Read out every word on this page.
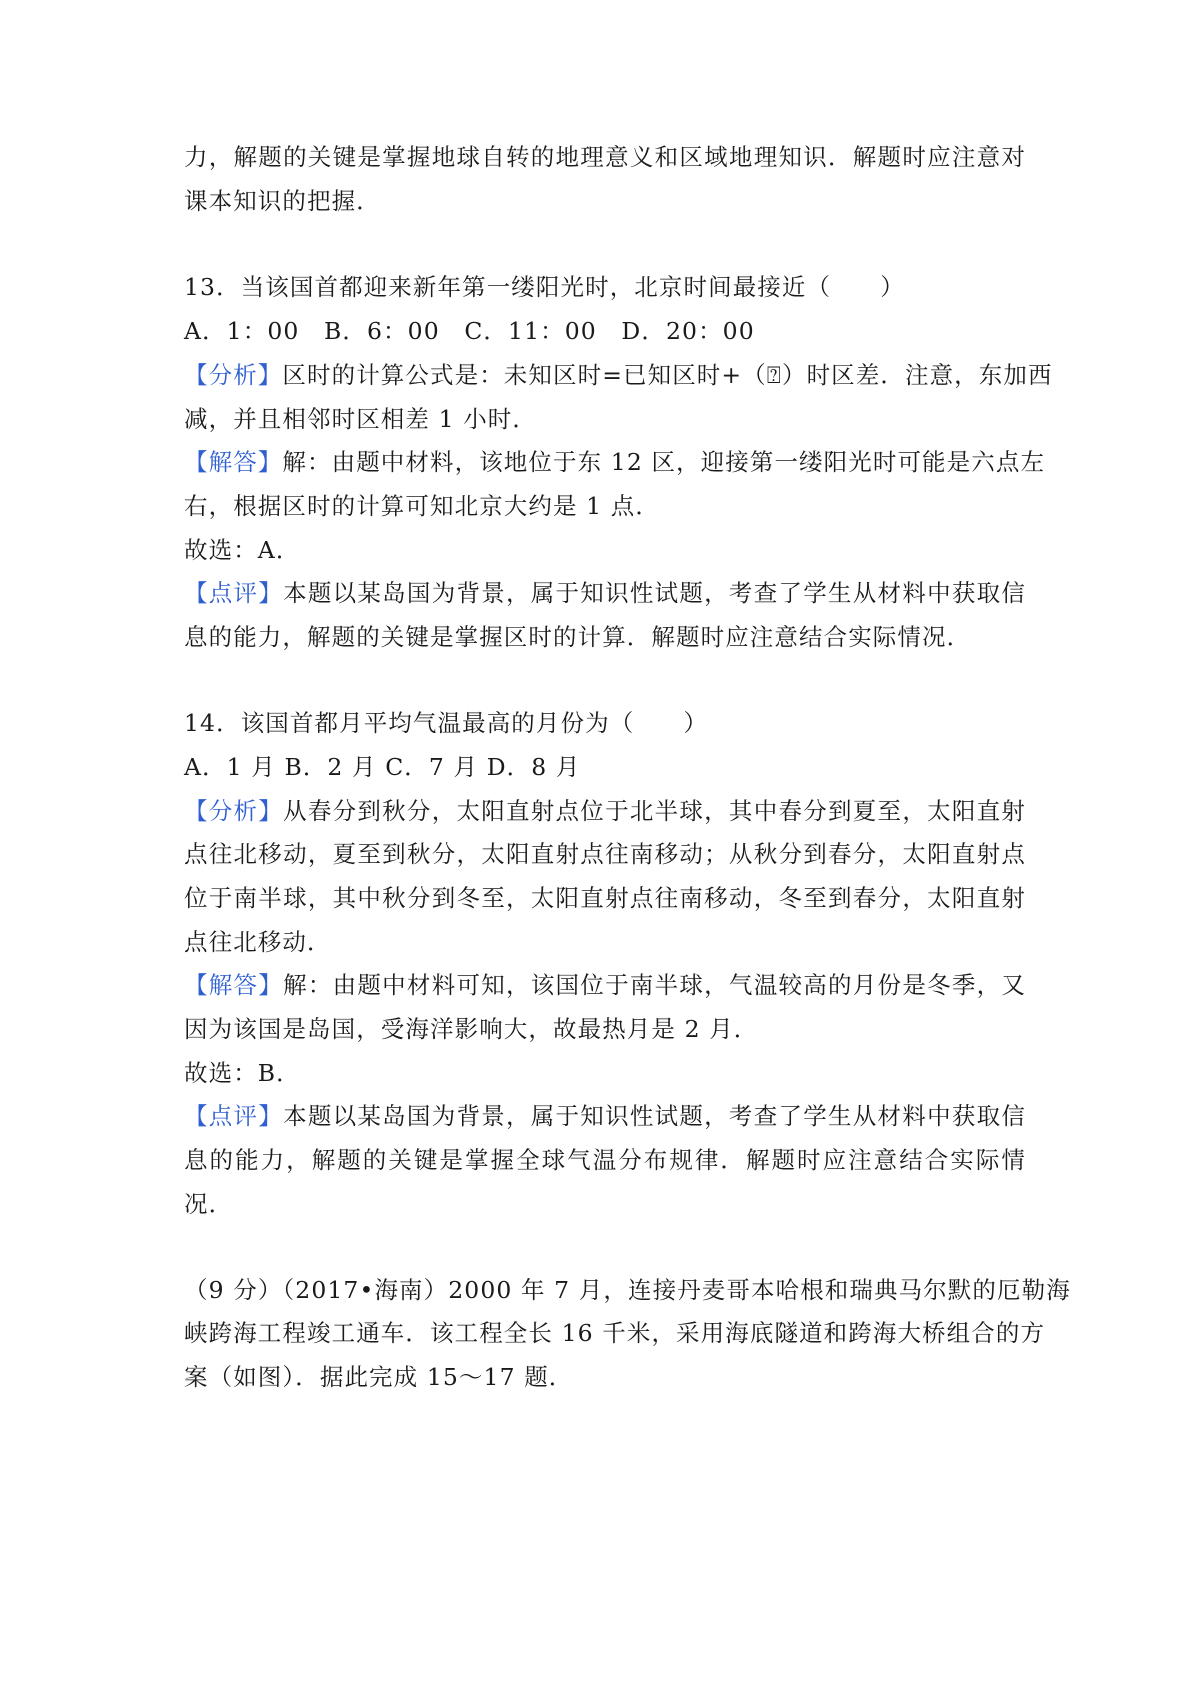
力，解题的关键是掌握地球自转的地理意义和区域地理知识．解题时应注意对
课本知识的把握．
13．当该国首都迎来新年第一缕阳光时，北京时间最接近（　　）
A．1：00　B．6：00　C．11：00　D．20：00
【分析】区时的计算公式是：未知区时=已知区时+（⍰）时区差．注意，东加西
减，并且相邻时区相差 1 小时．
【解答】解：由题中材料，该地位于东 12 区，迎接第一缕阳光时可能是六点左
右，根据区时的计算可知北京大约是 1 点．
故选：A．
【点评】本题以某岛国为背景，属于知识性试题，考查了学生从材料中获取信
息的能力，解题的关键是掌握区时的计算．解题时应注意结合实际情况．
14．该国首都月平均气温最高的月份为（　　）
A．1 月 B．2 月 C．7 月 D．8 月
【分析】从春分到秋分，太阳直射点位于北半球，其中春分到夏至，太阳直射
点往北移动，夏至到秋分，太阳直射点往南移动；从秋分到春分，太阳直射点
位于南半球，其中秋分到冬至，太阳直射点往南移动，冬至到春分，太阳直射
点往北移动．
【解答】解：由题中材料可知，该国位于南半球，气温较高的月份是冬季，又
因为该国是岛国，受海洋影响大，故最热月是 2 月．
故选：B．
【点评】本题以某岛国为背景，属于知识性试题，考查了学生从材料中获取信
息的能力，解题的关键是掌握全球气温分布规律．解题时应注意结合实际情
况．
（9 分）（2017•海南）2000 年 7 月，连接丹麦哥本哈根和瑞典马尔默的厄勒海
峡跨海工程竣工通车．该工程全长 16 千米，采用海底隧道和跨海大桥组合的方
案（如图）．据此完成 15～17 题．
